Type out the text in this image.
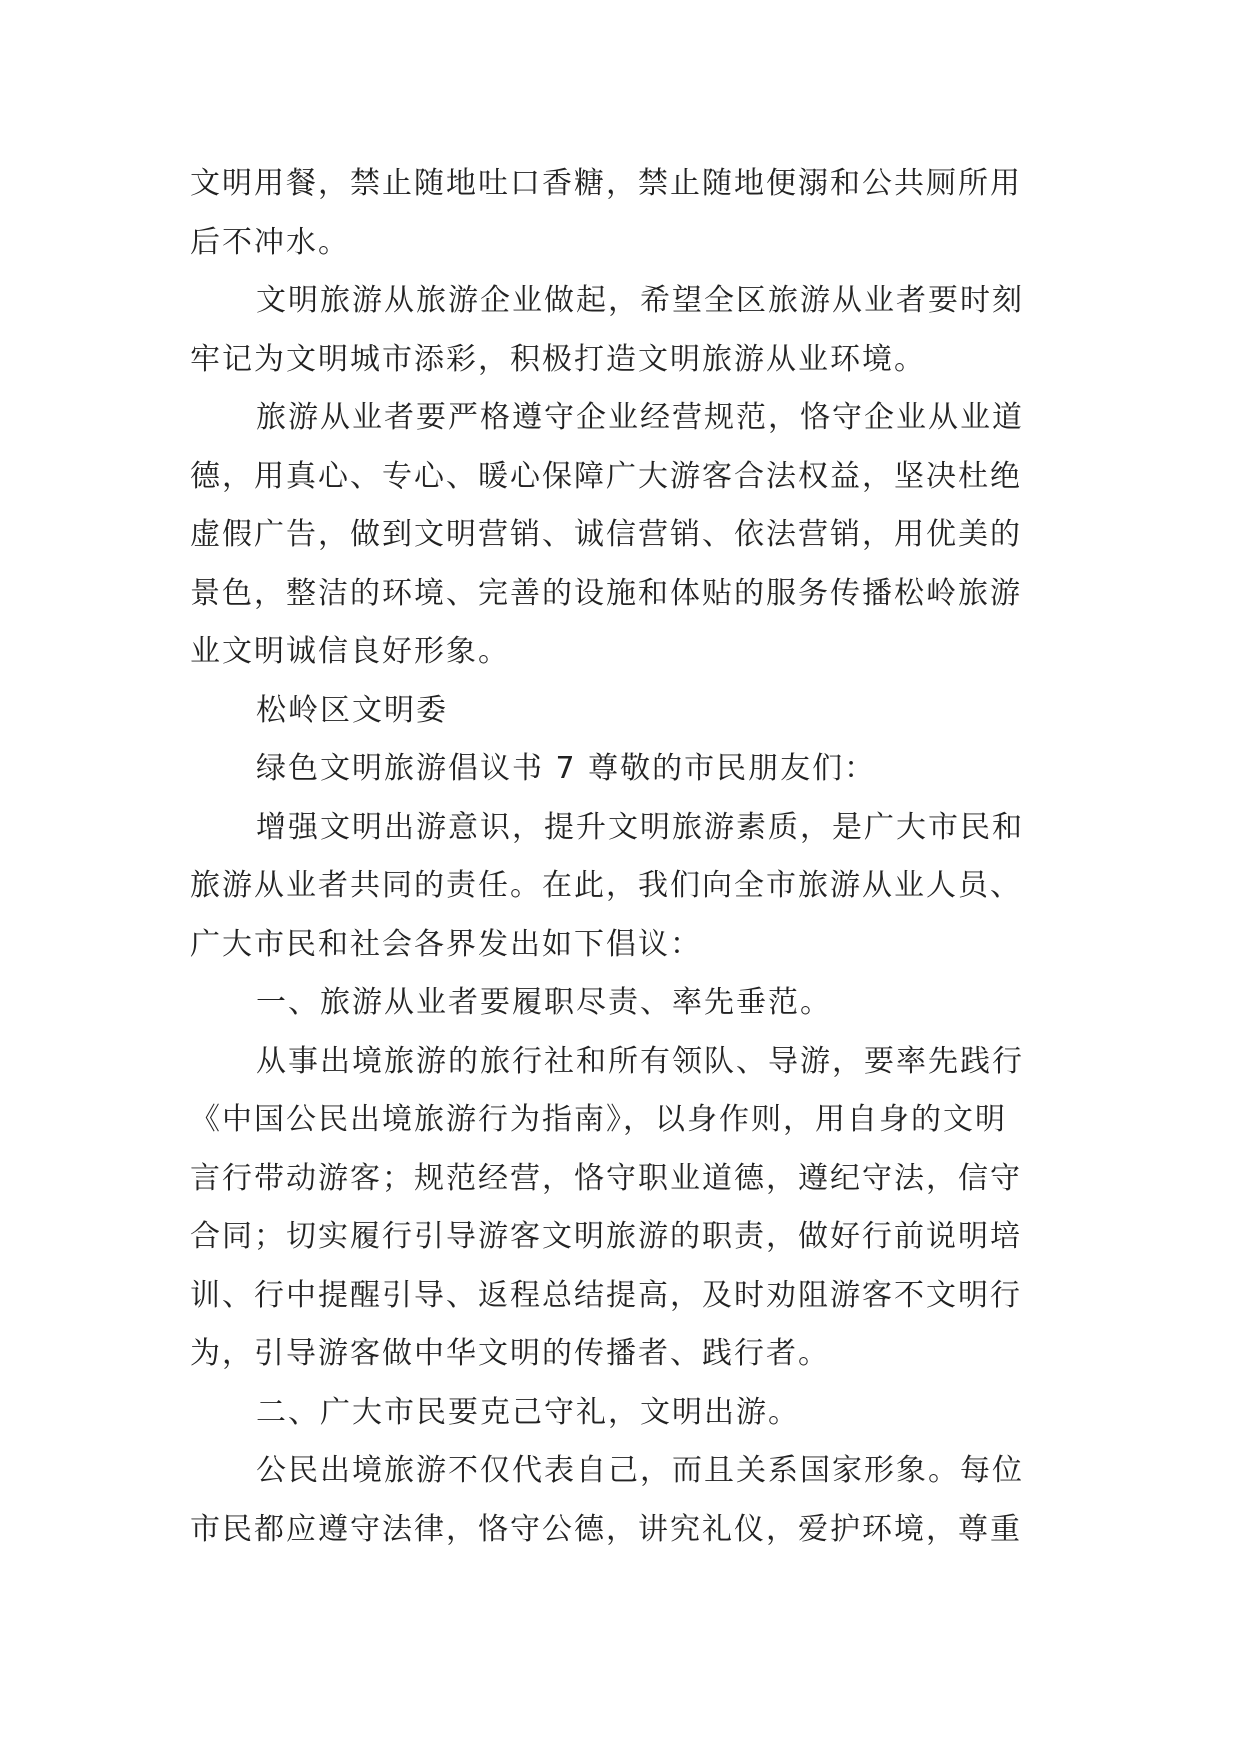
文明用餐，禁止随地吐口香糖，禁止随地便溺和公共厕所用
后不冲水。
文明旅游从旅游企业做起，希望全区旅游从业者要时刻
牢记为文明城市添彩，积极打造文明旅游从业环境。
旅游从业者要严格遵守企业经营规范，恪守企业从业道
德，用真心、专心、暖心保障广大游客合法权益，坚决杜绝
虚假广告，做到文明营销、诚信营销、依法营销，用优美的
景色，整洁的环境、完善的设施和体贴的服务传播松岭旅游
业文明诚信良好形象。
松岭区文明委
绿色文明旅游倡议书 7 尊敬的市民朋友们：
增强文明出游意识，提升文明旅游素质，是广大市民和
旅游从业者共同的责任。在此，我们向全市旅游从业人员、
广大市民和社会各界发出如下倡议：
一、旅游从业者要履职尽责、率先垂范。
从事出境旅游的旅行社和所有领队、导游，要率先践行
《中国公民出境旅游行为指南》，以身作则，用自身的文明
言行带动游客；规范经营，恪守职业道德，遵纪守法，信守
合同；切实履行引导游客文明旅游的职责，做好行前说明培
训、行中提醒引导、返程总结提高，及时劝阻游客不文明行
为，引导游客做中华文明的传播者、践行者。
二、广大市民要克己守礼，文明出游。
公民出境旅游不仅代表自己，而且关系国家形象。每位
市民都应遵守法律，恪守公德，讲究礼仪，爱护环境，尊重
